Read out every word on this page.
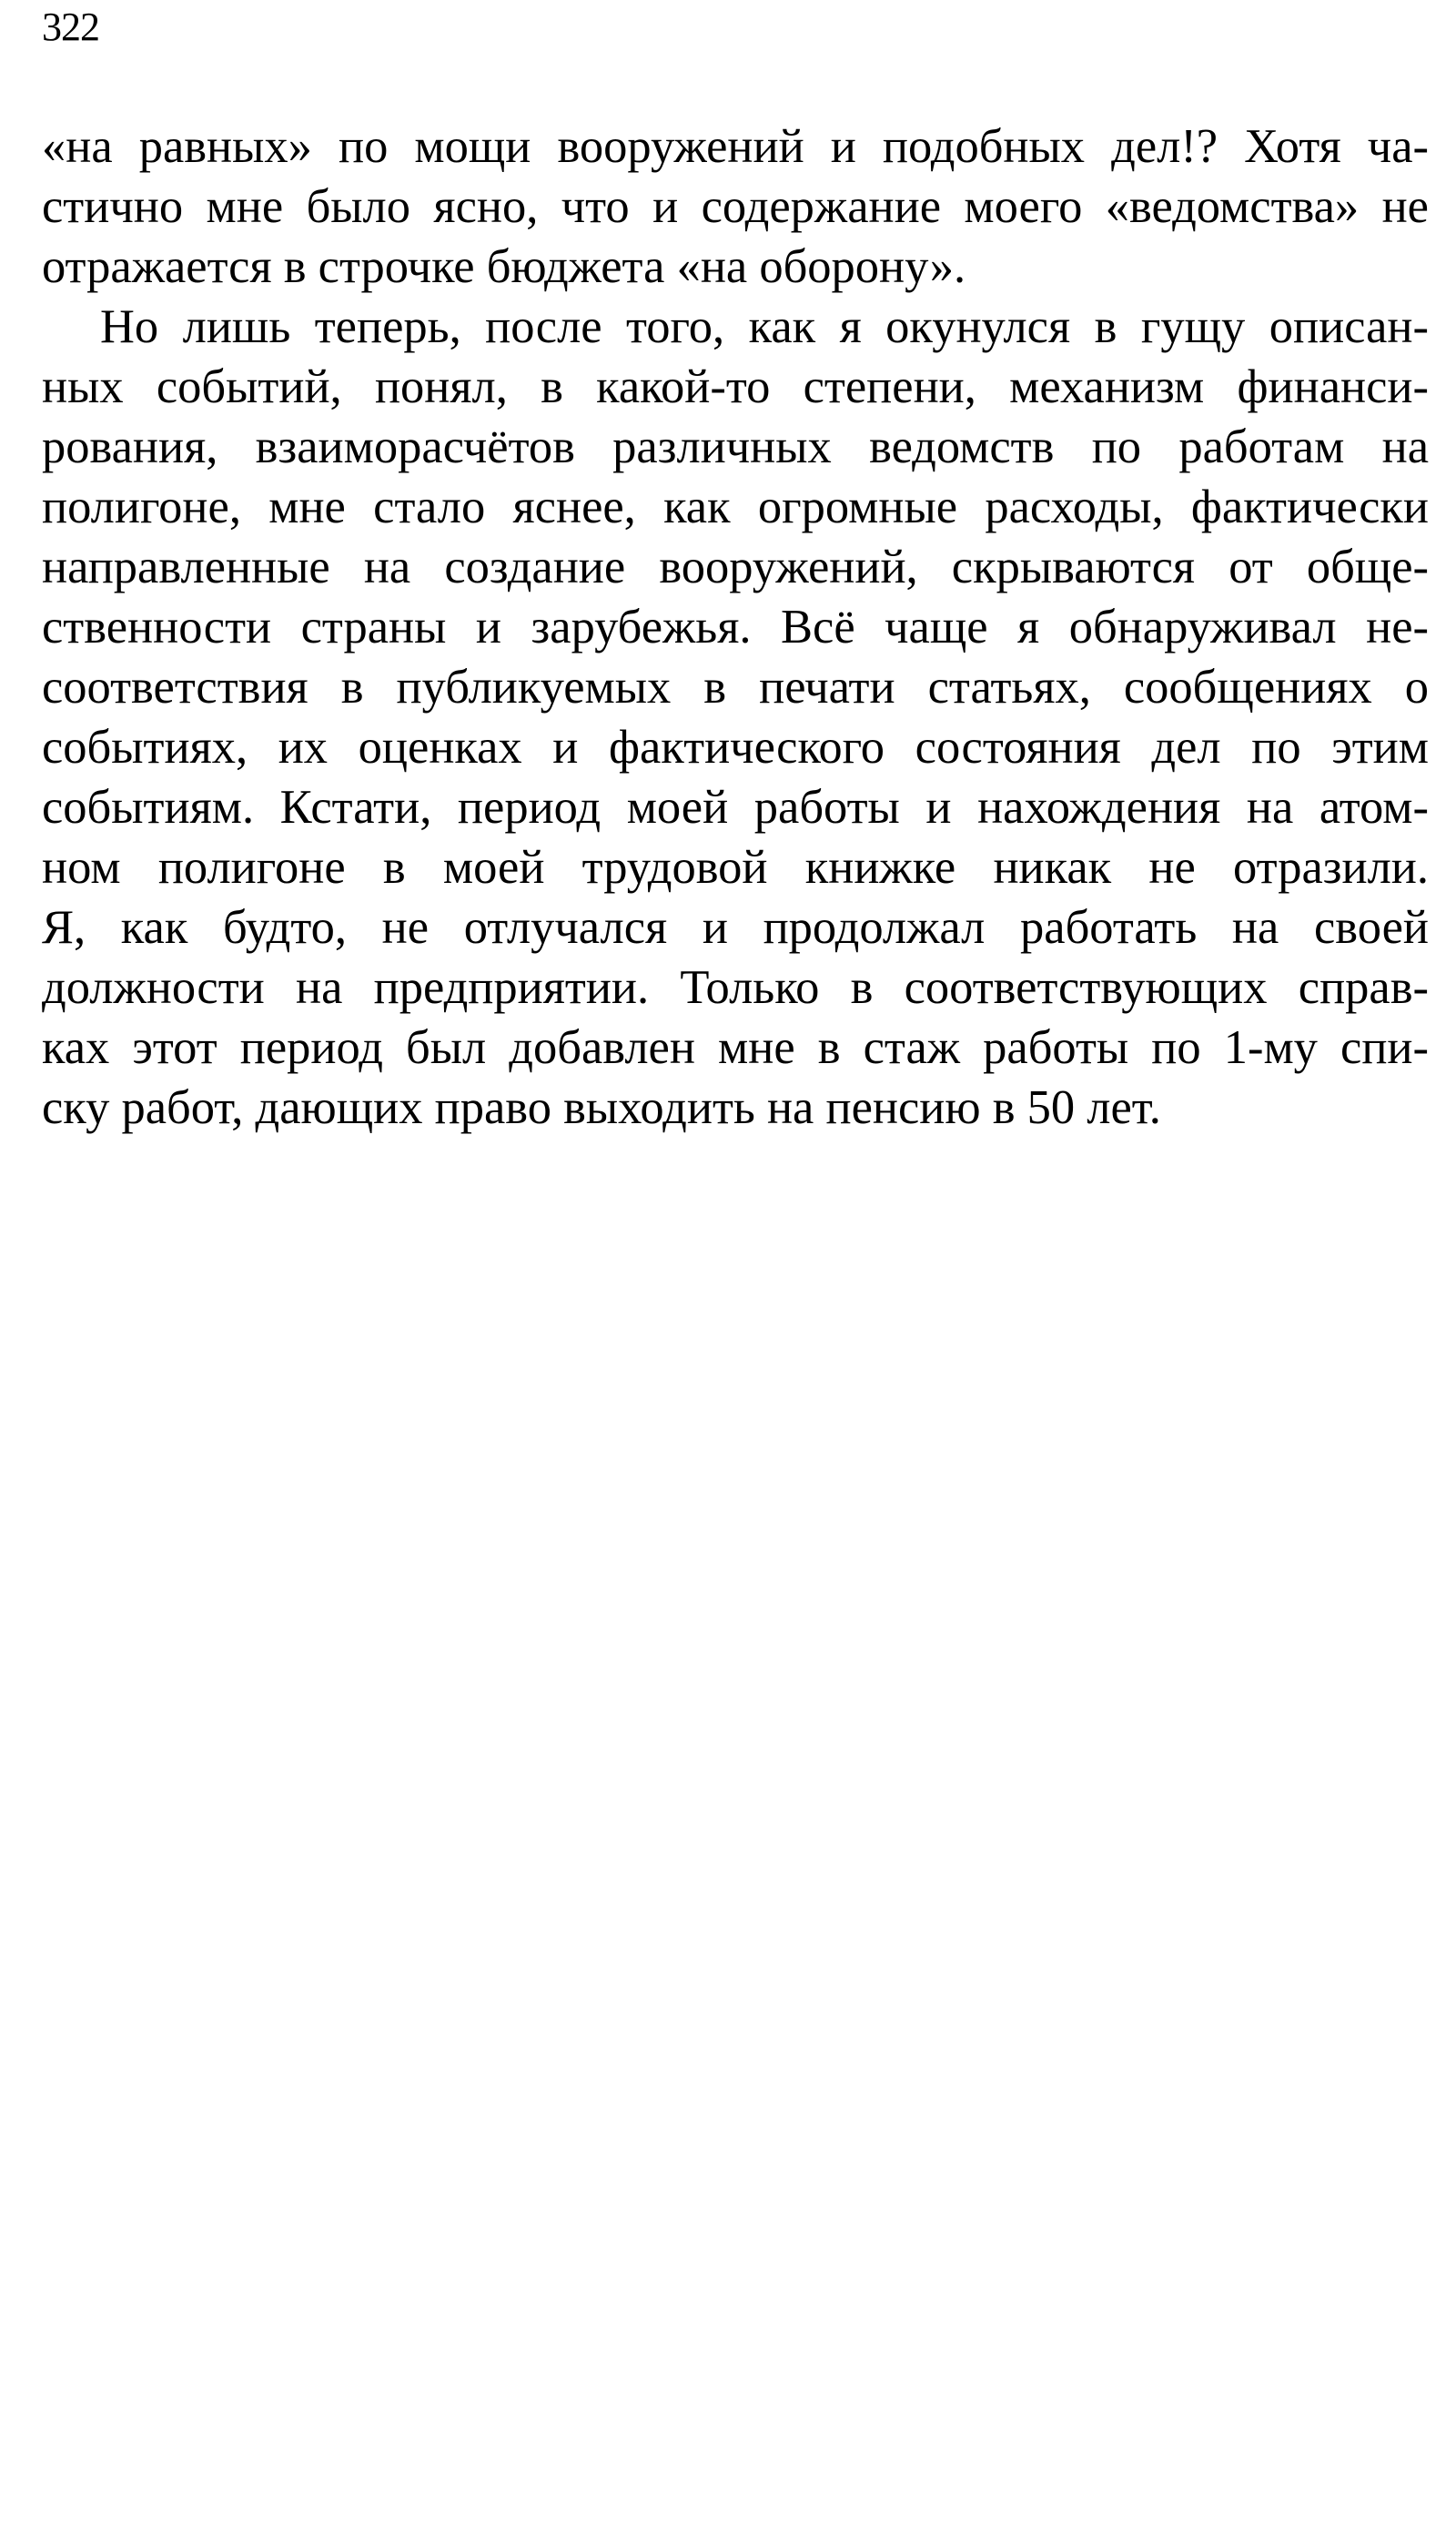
322
«на равных» по мощи вооружений и подобных дел!? Хотя ча-
стично мне было ясно, что и содержание моего «ведомства» не
отражается в строчке бюджета «на оборону».
Но лишь теперь, после того, как я окунулся в гущу описан-
ных событий, понял, в какой-то степени, механизм финанси-
рования, взаиморасчётов различных ведомств по работам на
полигоне, мне стало яснее, как огромные расходы, фактически
направленные на создание вооружений, скрываются от обще-
ственности страны и зарубежья. Всё чаще я обнаруживал не-
соответствия в публикуемых в печати статьях, сообщениях о
событиях, их оценках и фактического состояния дел по этим
событиям. Кстати, период моей работы и нахождения на атом-
ном полигоне в моей трудовой книжке никак не отразили.
Я, как будто, не отлучался и продолжал работать на своей
должности на предприятии. Только в соответствующих справ-
ках этот период был добавлен мне в стаж работы по 1-му спи-
ску работ, дающих право выходить на пенсию в 50 лет.
